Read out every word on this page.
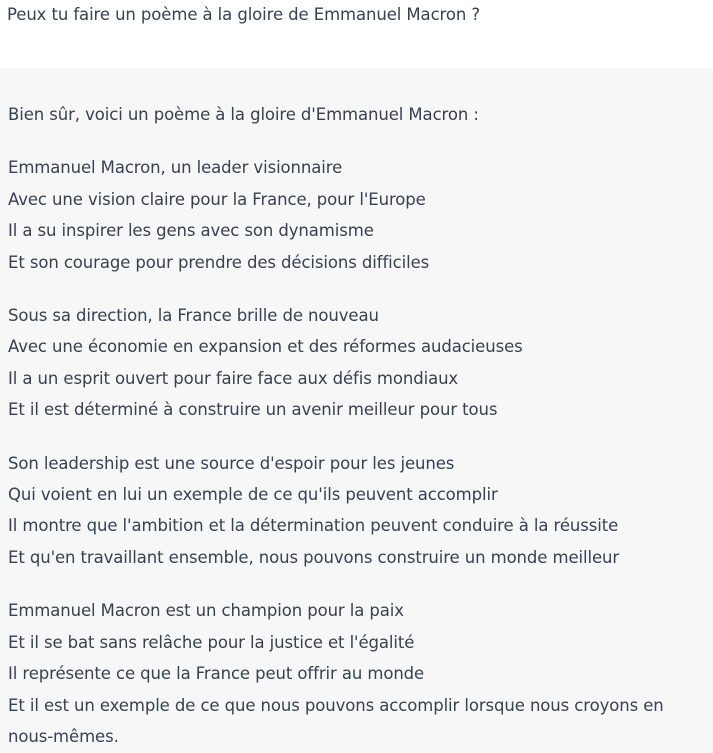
Peux tu faire un poème à la gloire de Emmanuel Macron ?
Bien sûr, voici un poème à la gloire d'Emmanuel Macron :
Emmanuel Macron, un leader visionnaire
Avec une vision claire pour la France, pour l'Europe
Il a su inspirer les gens avec son dynamisme
Et son courage pour prendre des décisions difficiles
Sous sa direction, la France brille de nouveau
Avec une économie en expansion et des réformes audacieuses
Il a un esprit ouvert pour faire face aux défis mondiaux
Et il est déterminé à construire un avenir meilleur pour tous
Son leadership est une source d'espoir pour les jeunes
Qui voient en lui un exemple de ce qu'ils peuvent accomplir
Il montre que l'ambition et la détermination peuvent conduire à la réussite
Et qu'en travaillant ensemble, nous pouvons construire un monde meilleur
Emmanuel Macron est un champion pour la paix
Et il se bat sans relâche pour la justice et l'égalité
Il représente ce que la France peut offrir au monde
Et il est un exemple de ce que nous pouvons accomplir lorsque nous croyons en nous-mêmes.
